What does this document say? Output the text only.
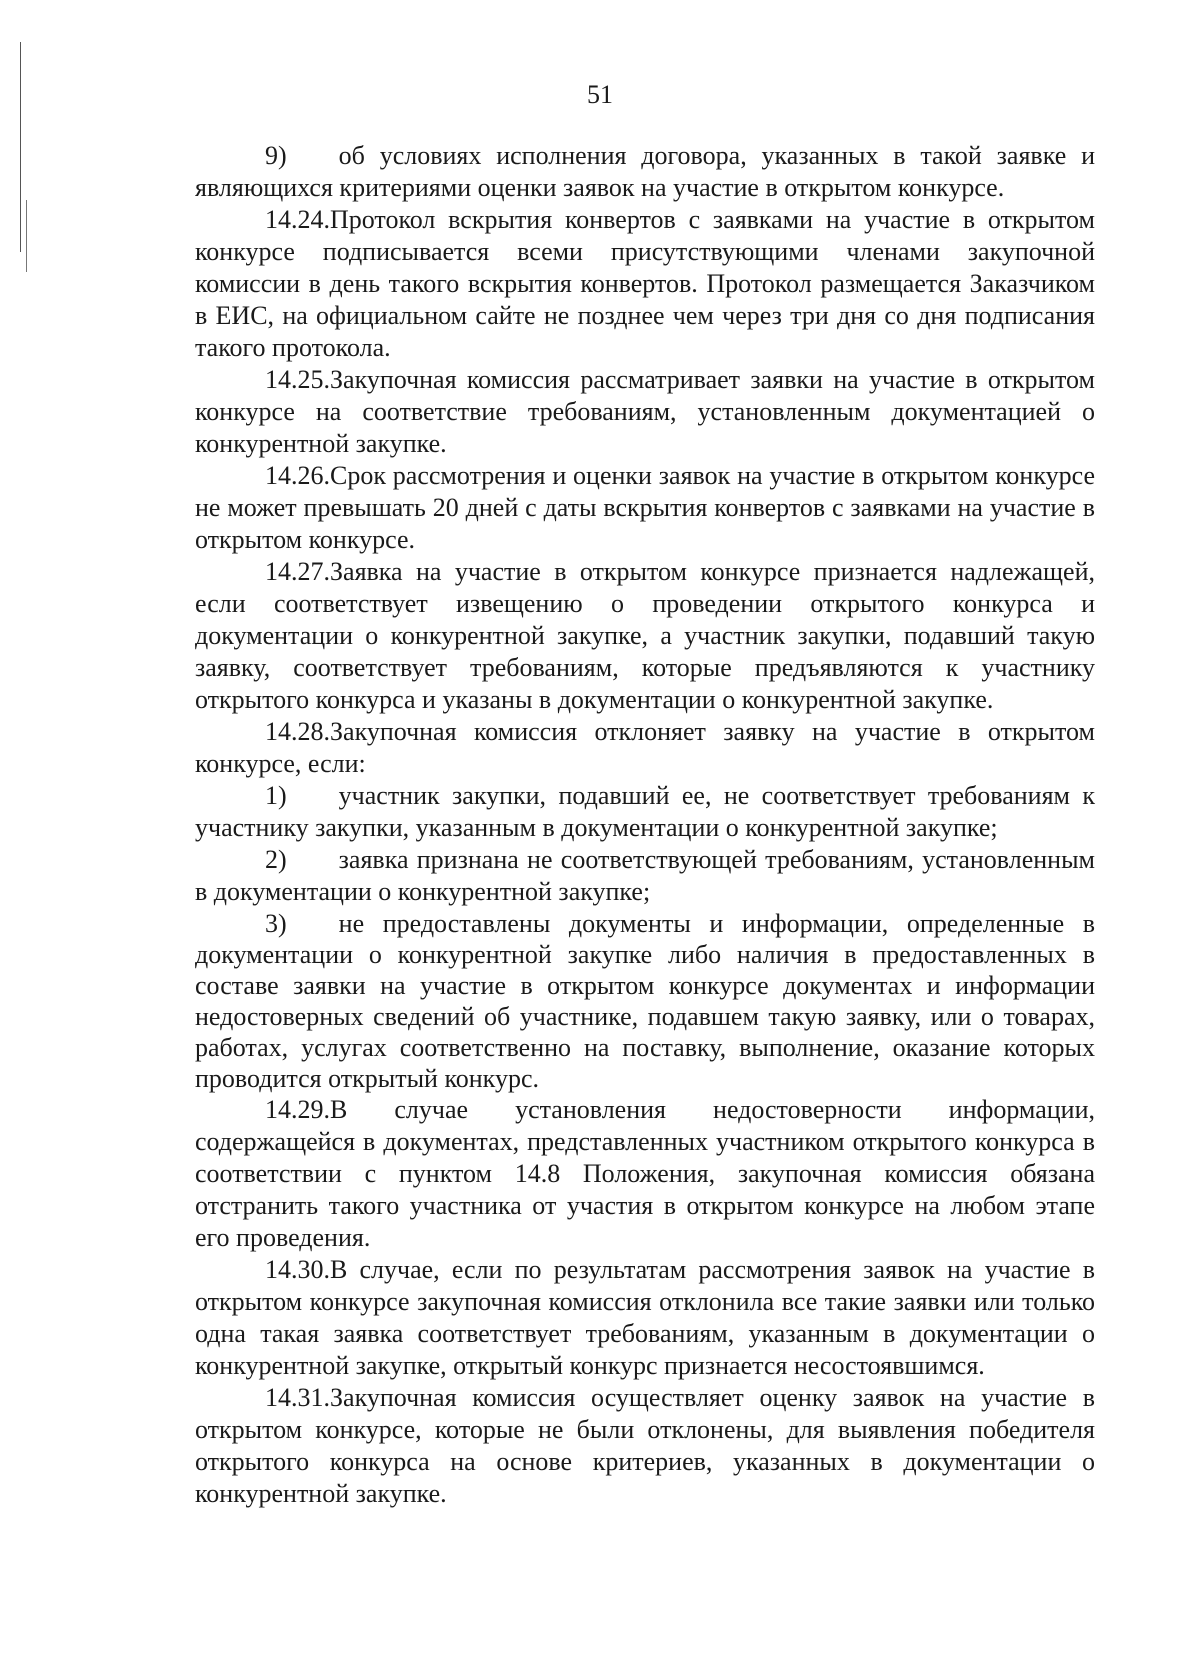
51

9)  об условиях исполнения договора, указанных в такой заявке и являющихся критериями оценки заявок на участие в открытом конкурсе.

14.24.Протокол вскрытия конвертов с заявками на участие в открытом конкурсе подписывается всеми присутствующими членами закупочной комиссии в день такого вскрытия конвертов. Протокол размещается Заказчиком в ЕИС, на официальном сайте не позднее чем через три дня со дня подписания такого протокола.

14.25.Закупочная комиссия рассматривает заявки на участие в открытом конкурсе на соответствие требованиям, установленным документацией о конкурентной закупке.

14.26.Срок рассмотрения и оценки заявок на участие в открытом конкурсе не может превышать 20 дней с даты вскрытия конвертов с заявками на участие в открытом конкурсе.

14.27.Заявка на участие в открытом конкурсе признается надлежащей, если соответствует извещению о проведении открытого конкурса и документации о конкурентной закупке, а участник закупки, подавший такую заявку, соответствует требованиям, которые предъявляются к участнику открытого конкурса и указаны в документации о конкурентной закупке.

14.28.Закупочная комиссия отклоняет заявку на участие в открытом конкурсе, если:

1)  участник закупки, подавший ее, не соответствует требованиям к участнику закупки, указанным в документации о конкурентной закупке;

2)  заявка признана не соответствующей требованиям, установленным в документации о конкурентной закупке;

3)  не предоставлены документы и информации, определенные в документации о конкурентной закупке либо наличия в предоставленных в составе заявки на участие в открытом конкурсе документах и информации недостоверных сведений об участнике, подавшем такую заявку, или о товарах, работах, услугах соответственно на поставку, выполнение, оказание которых проводится открытый конкурс.

14.29.В случае установления недостоверности информации, содержащейся в документах, представленных участником открытого конкурса в соответствии с пунктом 14.8 Положения, закупочная комиссия обязана отстранить такого участника от участия в открытом конкурсе на любом этапе его проведения.

14.30.В случае, если по результатам рассмотрения заявок на участие в открытом конкурсе закупочная комиссия отклонила все такие заявки или только одна такая заявка соответствует требованиям, указанным в документации о конкурентной закупке, открытый конкурс признается несостоявшимся.

14.31.Закупочная комиссия осуществляет оценку заявок на участие в открытом конкурсе, которые не были отклонены, для выявления победителя открытого конкурса на основе критериев, указанных в документации о конкурентной закупке.
